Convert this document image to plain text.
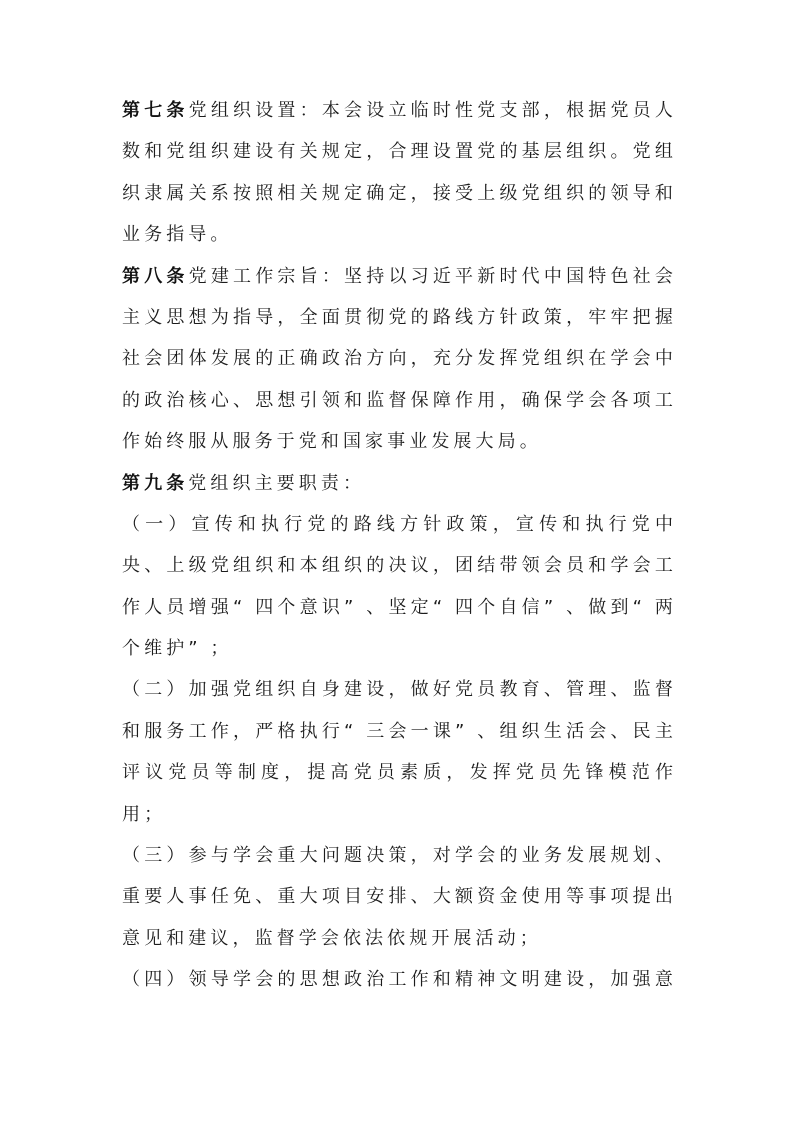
第 七 条 党 组 织 设 置 ： 本 会 设 立 临 时 性 党 支 部 ， 根 据 党 员 人
数 和 党 组 织 建 设 有 关 规 定 ， 合 理 设 置 党 的 基 层 组 织 。 党 组
织 隶 属 关 系 按 照 相 关 规 定 确 定 ， 接 受 上 级 党 组 织 的 领 导 和
业 务 指 导 。
第 八 条 党 建 工 作 宗 旨 ： 坚 持 以 习 近 平 新 时 代 中 国 特 色 社 会
主 义 思 想 为 指 导 ， 全 面 贯 彻 党 的 路 线 方 针 政 策 ， 牢 牢 把 握
社 会 团 体 发 展 的 正 确 政 治 方 向 ， 充 分 发 挥 党 组 织 在 学 会 中
的 政 治 核 心 、 思 想 引 领 和 监 督 保 障 作 用 ， 确 保 学 会 各 项 工
作 始 终 服 从 服 务 于 党 和 国 家 事 业 发 展 大 局 。
第 九 条 党 组 织 主 要 职 责 ：
（ 一 ） 宣 传 和 执 行 党 的 路 线 方 针 政 策 ， 宣 传 和 执 行 党 中
央 、 上 级 党 组 织 和 本 组 织 的 决 议 ， 团 结 带 领 会 员 和 学 会 工
作 人 员 增 强 “ 四 个 意 识 ” 、 坚 定 “ 四 个 自 信 ” 、 做 到 “ 两
个 维 护 ” ；
（ 二 ） 加 强 党 组 织 自 身 建 设 ， 做 好 党 员 教 育 、 管 理 、 监 督
和 服 务 工 作 ， 严 格 执 行 “ 三 会 一 课 ” 、 组 织 生 活 会 、 民 主
评 议 党 员 等 制 度 ， 提 高 党 员 素 质 ， 发 挥 党 员 先 锋 模 范 作
用 ；
（ 三 ） 参 与 学 会 重 大 问 题 决 策 ， 对 学 会 的 业 务 发 展 规 划 、
重 要 人 事 任 免 、 重 大 项 目 安 排 、 大 额 资 金 使 用 等 事 项 提 出
意 见 和 建 议 ， 监 督 学 会 依 法 依 规 开 展 活 动 ；
（ 四 ） 领 导 学 会 的 思 想 政 治 工 作 和 精 神 文 明 建 设 ， 加 强 意
